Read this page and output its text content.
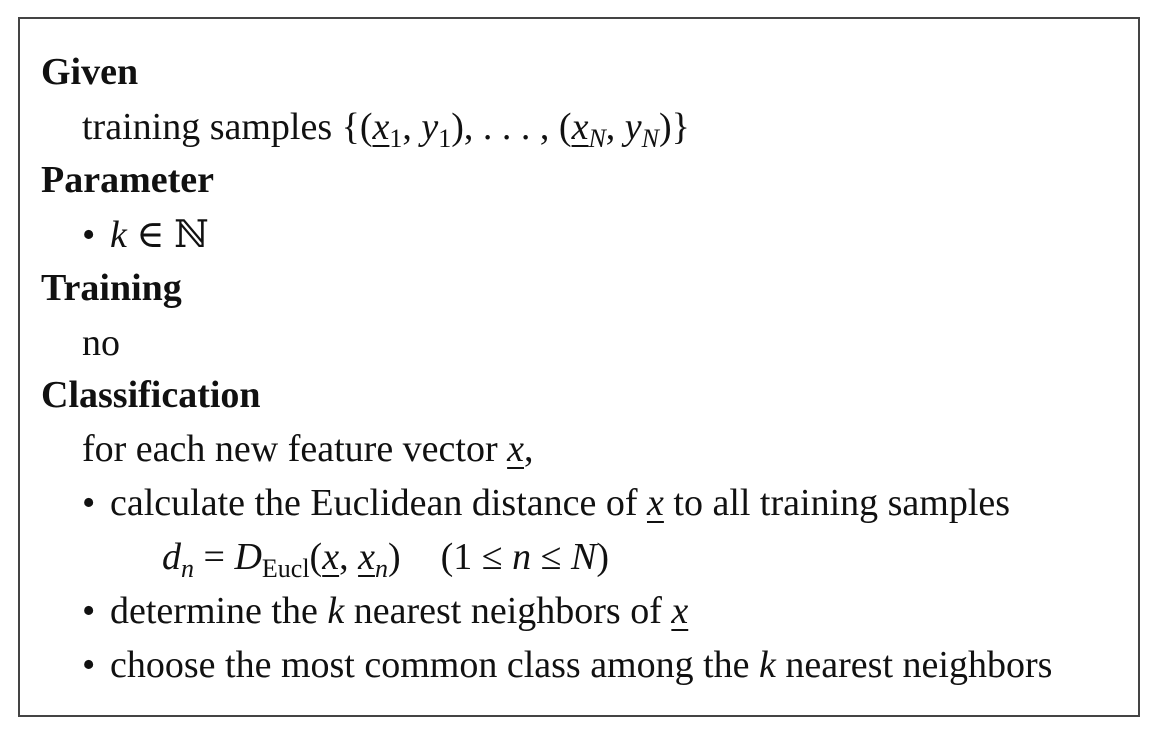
Given
training samples {($x_1$, $y_1$), . . . , ($x_N$, $y_N$)}
Parameter
• k ∈ ℕ
Training
no
Classification
for each new feature vector x,
• calculate the Euclidean distance of x to all training samples
$d_n = D_{Eucl}(x$, $x_n$) (1 ≤ n ≤ N)
• determine the k nearest neighbors of x
• choose the most common class among the k nearest neighbors
